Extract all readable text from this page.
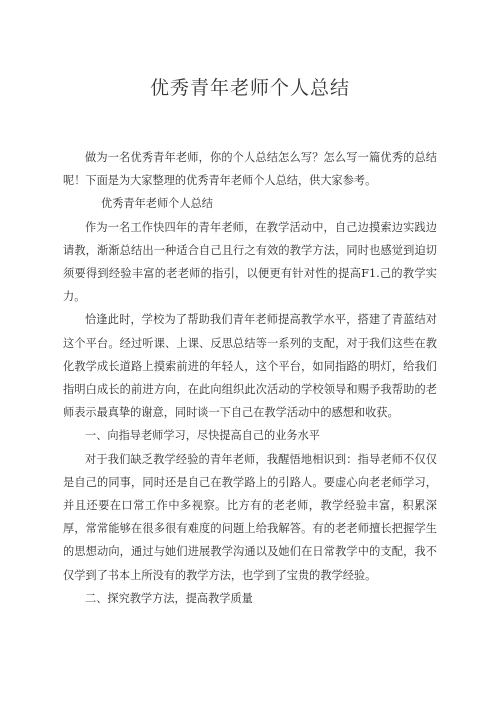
优秀青年老师个人总结

做为一名优秀青年老师，你的个人总结怎么写？怎么写一篇优秀的总结呢！下面是为大家整理的优秀青年老师个人总结，供大家参考。

优秀青年老师个人总结

作为一名工作快四年的青年老师，在教学活动中，自己边摸索边实践边请教，渐渐总结出一种适合自己且行之有效的教学方法，同时也感觉到迫切须要得到经验丰富的老老师的指引，以便更有针对性的提高F1.己的教学实力。

恰逢此时，学校为了帮助我们青年老师提高教学水平，搭建了青蓝结对这个平台。经过听课、上课、反思总结等一系列的支配，对于我们这些在教化教学成长道路上摸索前进的年轻人，这个平台，如同指路的明灯，给我们指明白成长的前进方向，在此向组织此次活动的学校领导和赐予我帮助的老师表示最真挚的谢意，同时谈一下自己在教学活动中的感想和收获。

一、向指导老师学习，尽快提高自己的业务水平

对于我们缺乏教学经验的青年老师，我醒悟地相识到：指导老师不仅仅是自己的同事，同时还是自己在教学路上的引路人。要虚心向老老师学习，并且还要在口常工作中多视察。比方有的老老师，教学经验丰富，积累深厚，常常能够在很多很有难度的问题上给我解答。有的老老师擅长把握学生的思想动向，通过与她们进展教学沟通以及她们在日常教学中的支配，我不仅学到了书本上所没有的教学方法，也学到了宝贵的教学经验。

二、探究教学方法，提高教学质量
